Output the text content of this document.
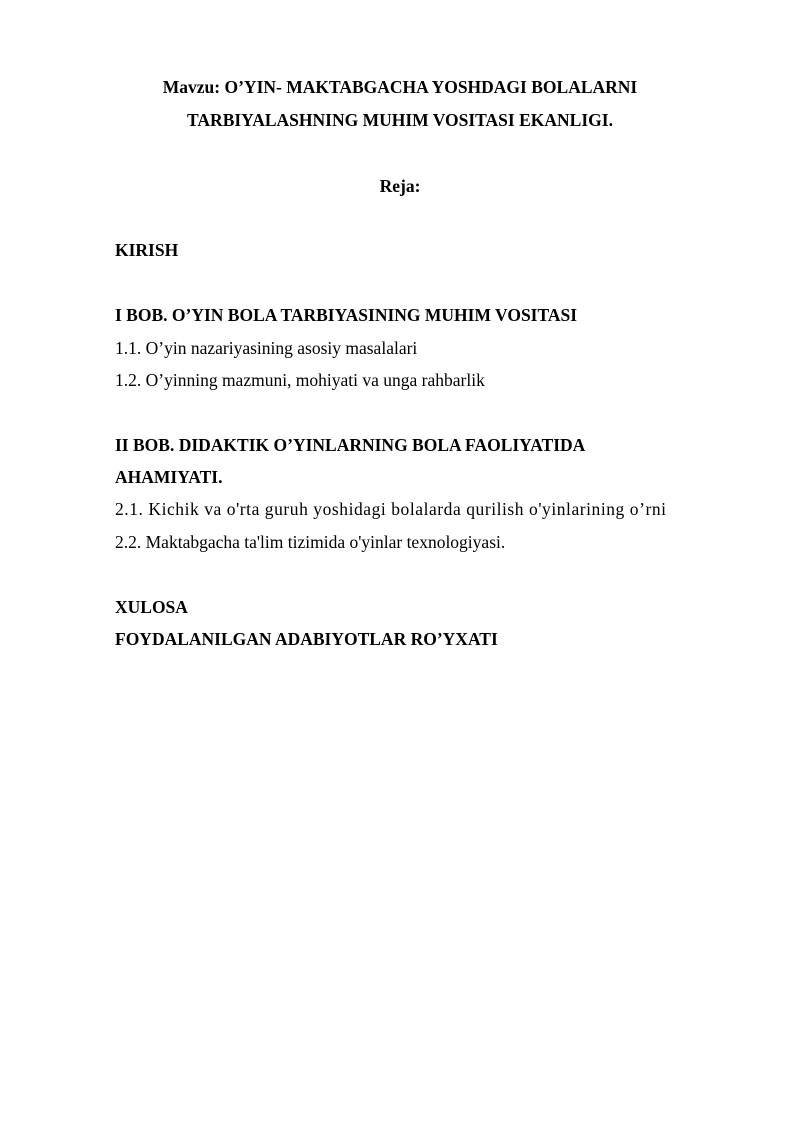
Mavzu: O’YIN- MAKTABGACHA YOSHDAGI BOLALARNI
TARBIYALASHNING MUHIM VOSITASI EKANLIGI.
Reja:
KIRISH
I BOB. O’YIN BOLA TARBIYASINING MUHIM VOSITASI
1.1. O’yin nazariyasining asosiy masalalari
1.2. O’yinning mazmuni, mohiyati va unga rahbarlik
II BOB. DIDAKTIK O’YINLARNING BOLA FAOLIYATIDA
AHAMIYATI.
2.1. Kichik va o'rta guruh yoshidagi bolalarda qurilish o'yinlarining o’rni
2.2. Maktabgacha ta'lim tizimida o'yinlar texnologiyasi.
XULOSA
FOYDALANILGAN ADABIYOTLAR RO’YXATI
